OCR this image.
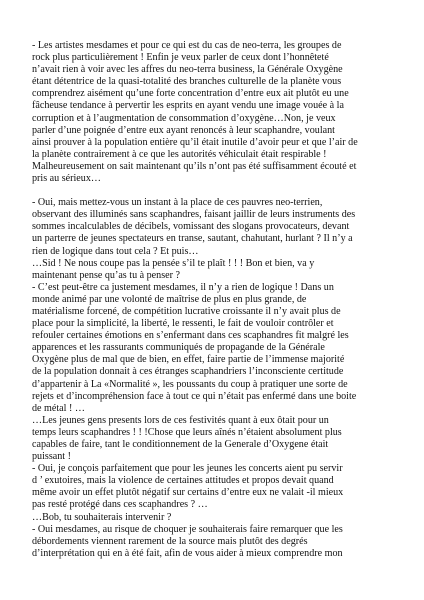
- Les artistes mesdames et pour ce qui est du cas de neo-terra, les groupes de
rock plus particulièrement ! Enfin je veux parler de ceux dont l’honnêteté
n’avait rien à voir avec les affres du neo-terra business, la Générale Oxygène
étant détentrice de la quasi-totalité des branches culturelle de la planète vous
comprendrez aisément qu’une forte concentration d’entre eux ait plutôt eu une
fâcheuse tendance à pervertir les esprits en ayant vendu une image vouée à la
corruption et à l’augmentation de consommation d’oxygène…Non, je veux
parler d’une poignée d’entre eux ayant renoncés à leur scaphandre, voulant
ainsi prouver à la population entière qu’il était inutile d’avoir peur et que l’air de
la planète contrairement à ce que les autorités véhiculait était respirable !
Malheureusement on sait maintenant qu’ils n’ont pas été suffisamment écouté et
pris au sérieux…

- Oui, mais mettez-vous un instant à la place de ces pauvres neo-terrien,
observant des illuminés sans scaphandres, faisant jaillir de leurs instruments des
sommes incalculables de décibels, vomissant des slogans provocateurs, devant
un parterre de jeunes spectateurs en transe, sautant, chahutant, hurlant ? Il n’y a
rien de logique dans tout cela ? Et puis…
…Sid ! Ne nous coupe pas la pensée s’il te plaît ! ! ! Bon et bien, va y
maintenant pense qu’as tu à penser ?
- C’est peut-être ca justement mesdames, il n’y a rien de logique ! Dans un
monde animé par une volonté de maîtrise de plus en plus grande, de
matérialisme forcené, de compétition lucrative croissante il n’y avait plus de
place pour la simplicité, la liberté, le ressenti, le fait de vouloir contrôler et
refouler certaines émotions en s’enfermant dans ces scaphandres fit malgré les
apparences et les rassurants communiqués de propagande de la Générale
Oxygène plus de mal que de bien, en effet, faire partie de l’immense majorité
de la population donnait à ces étranges scaphandriers l’inconsciente certitude
d’appartenir à La «Normalité », les poussants du coup à pratiquer une sorte de
rejets et d’incompréhension face à tout ce qui n’était pas enfermé dans une boite
de métal ! …
…Les jeunes gens presents lors de ces festivités quant à eux ôtait pour un
temps leurs scaphandres ! ! !Chose que leurs aînés n’étaient absolument plus
capables de faire, tant le conditionnement de la Generale d’Oxygene était
puissant !
- Oui, je conçois parfaitement que pour les jeunes les concerts aient pu servir
d ’ exutoires, mais la violence de certaines attitudes et propos devait quand
même avoir un effet plutôt négatif sur certains d’entre eux ne valait -il mieux
pas resté protégé dans ces scaphandres ? …
…Bob, tu souhaiterais intervenir ?
- Oui mesdames, au risque de choquer je souhaiterais faire remarquer que les
débordements viennent rarement de la source mais plutôt des degrés
d’interprétation qui en à été fait, afin de vous aider à mieux comprendre mon
